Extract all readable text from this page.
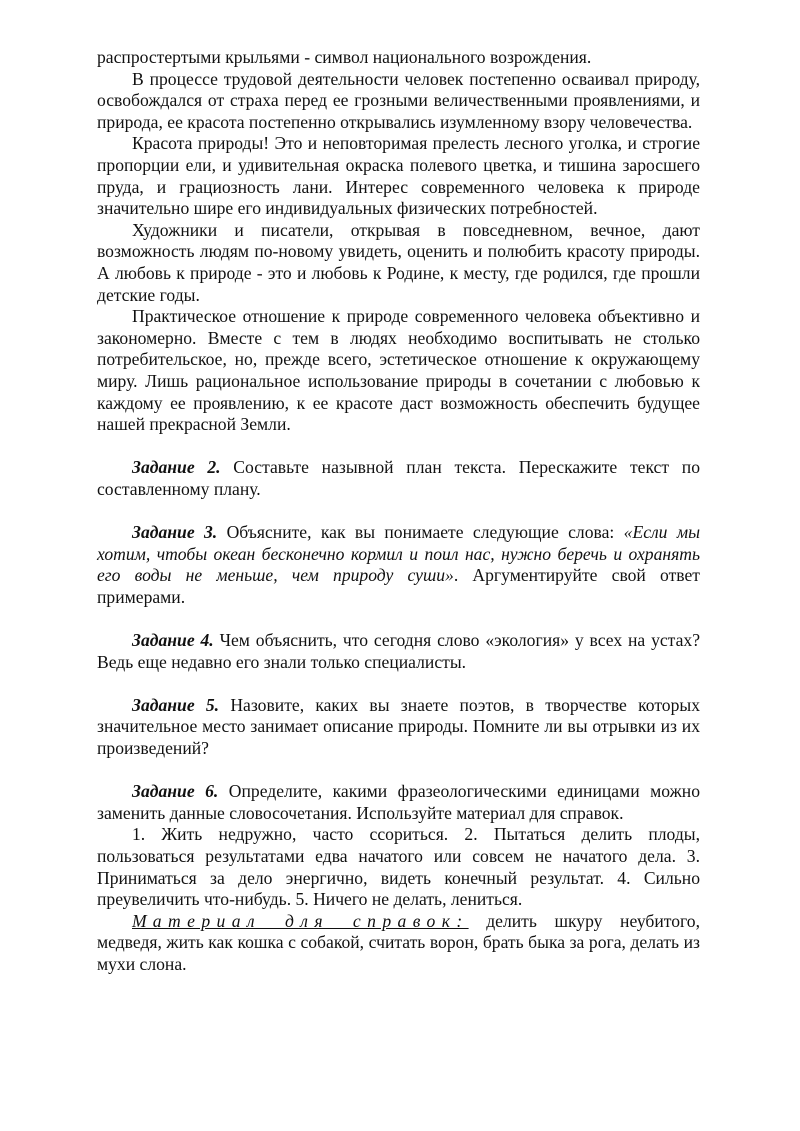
распростертыми крыльями - символ национального возрождения.

В процессе трудовой деятельности человек постепенно осваивал природу, освобождался от страха перед ее грозными величественными проявлениями, и природа, ее красота постепенно открывались изумленному взору человечества.

Красота природы! Это и неповторимая прелесть лесного уголка, и строгие пропорции ели, и удивительная окраска полевого цветка, и тишина заросшего пруда, и грациозность лани. Интерес современного человека к природе значительно шире его индивидуальных физических потребностей.

Художники и писатели, открывая в повседневном, вечное, дают возможность людям по-новому увидеть, оценить и полюбить красоту природы. А любовь к природе - это и любовь к Родине, к месту, где родился, где прошли детские годы.

Практическое отношение к природе современного человека объективно и закономерно. Вместе с тем в людях необходимо воспитывать не столько потребительское, но, прежде всего, эстетическое отношение к окружающему миру. Лишь рациональное использование природы в сочетании с любовью к каждому ее проявлению, к ее красоте даст возможность обеспечить будущее нашей прекрасной Земли.

Задание 2. Составьте назывной план текста. Перескажите текст по составленному плану.

Задание 3. Объясните, как вы понимаете следующие слова: «Если мы хотим, чтобы океан бесконечно кормил и поил нас, нужно беречь и охранять его воды не меньше, чем природу суши». Аргументируйте свой ответ примерами.

Задание 4. Чем объяснить, что сегодня слово «экология» у всех на устах? Ведь еще недавно его знали только специалисты.

Задание 5. Назовите, каких вы знаете поэтов, в творчестве которых значительное место занимает описание природы. Помните ли вы отрывки из их произведений?

Задание 6. Определите, какими фразеологическими единицами можно заменить данные словосочетания. Используйте материал для справок.

1. Жить недружно, часто ссориться. 2. Пытаться делить плоды, пользоваться результатами едва начатого или совсем не начатого дела. 3. Приниматься за дело энергично, видеть конечный результат. 4. Сильно преувеличить что-нибудь. 5. Ничего не делать, лениться.

Материал для справок: делить шкуру неубитого, медведя, жить как кошка с собакой, считать ворон, брать быка за рога, делать из мухи слона.
